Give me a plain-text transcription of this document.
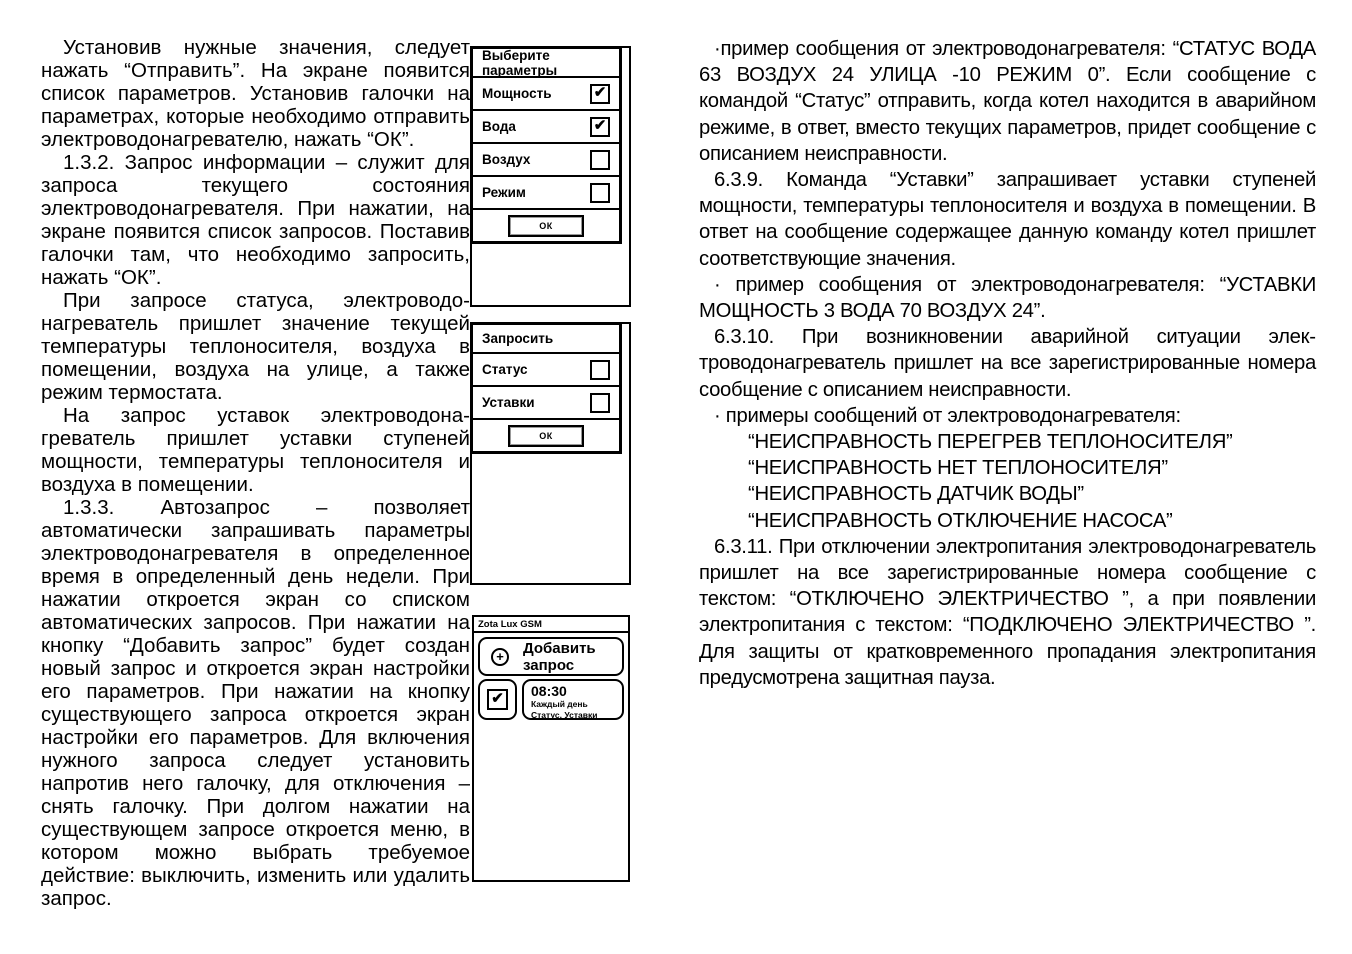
Установив нужные значения, следует нажать “Отправить”. На экране появится список параметров. Установив галочки на параметрах, которые необходимо отправить электроводонагревателю, нажать “ОК”.

1.3.2. Запрос информации – служит для запроса текущего состояния электроводонагревателя. При нажатии, на экране появится список запросов. Поставив галочки там, что необходимо запросить, нажать “ОК”.

При запросе статуса, электроводонагреватель пришлет значение текущей температуры теплоносителя, воздуха в помещении, воздуха на улице, а также режим термостата.

На запрос уставок электроводонагреватель пришлет уставки ступеней мощности, температуры теплоносителя и воздуха в помещении.

1.3.3. Автозапрос – позволяет автоматически запрашивать параметры электроводонагревателя в определенное время в определенный день недели. При нажатии откроется экран со списком автоматических запросов. При нажатии на кнопку “Добавить запрос” будет создан новый запрос и откроется экран настройки его параметров. При нажатии на кнопку существующего запроса откроется экран настройки его параметров. Для включения нужного запроса следует установить напротив него галочку, для отключения – снять галочку. При долгом нажатии на существующем запросе откроется меню, в котором можно выбрать требуемое действие: выключить, изменить или удалить запрос.

·пример сообщения от электроводонагревателя: “СТАТУС ВОДА 63 ВОЗДУХ 24 УЛИЦА -10 РЕЖИМ 0”. Если сообщение с командой “Статус” отправить, когда котел находится в аварийном режиме, в ответ, вместо текущих параметров, придет сообщение с описанием неисправности.

6.3.9. Команда “Уставки” запрашивает уставки ступеней мощности, температуры теплоносителя и воздуха в помещении. В ответ на сообщение содержащее данную команду котел пришлет соответствующие значения.

· пример сообщения от электроводонагревателя: “УСТАВКИ МОЩНОСТЬ 3 ВОДА 70 ВОЗДУХ 24”.

6.3.10. При возникновении аварийной ситуации электроводонагреватель пришлет на все зарегистрированные номера сообщение с описанием неисправности.

· примеры сообщений от электроводонагревателя:

“НЕИСПРАВНОСТЬ ПЕРЕГРЕВ ТЕПЛОНОСИТЕЛЯ”

“НЕИСПРАВНОСТЬ НЕТ ТЕПЛОНОСИТЕЛЯ”

“НЕИСПРАВНОСТЬ ДАТЧИК ВОДЫ”

“НЕИСПРАВНОСТЬ ОТКЛЮЧЕНИЕ НАСОСА”

6.3.11. При отключении электропитания электроводонагреватель пришлет на все зарегистрированные номера сообщение с текстом: “ОТКЛЮЧЕНО ЭЛЕКТРИЧЕСТВО ”, а при появлении электропитания с текстом: “ПОДКЛЮЧЕНО ЭЛЕКТРИЧЕСТВО ”. Для защиты от кратковременного пропадания электропитания предусмотрена защитная пауза.

Выберите параметры
Мощность	✔
Вода	✔
Воздух
Режим
ОК
Запросить
Статус
Уставки
ОК
Zota Lux GSM
+ Добавить запрос
✔ 08:30
Каждый день
Статус, Уставки
